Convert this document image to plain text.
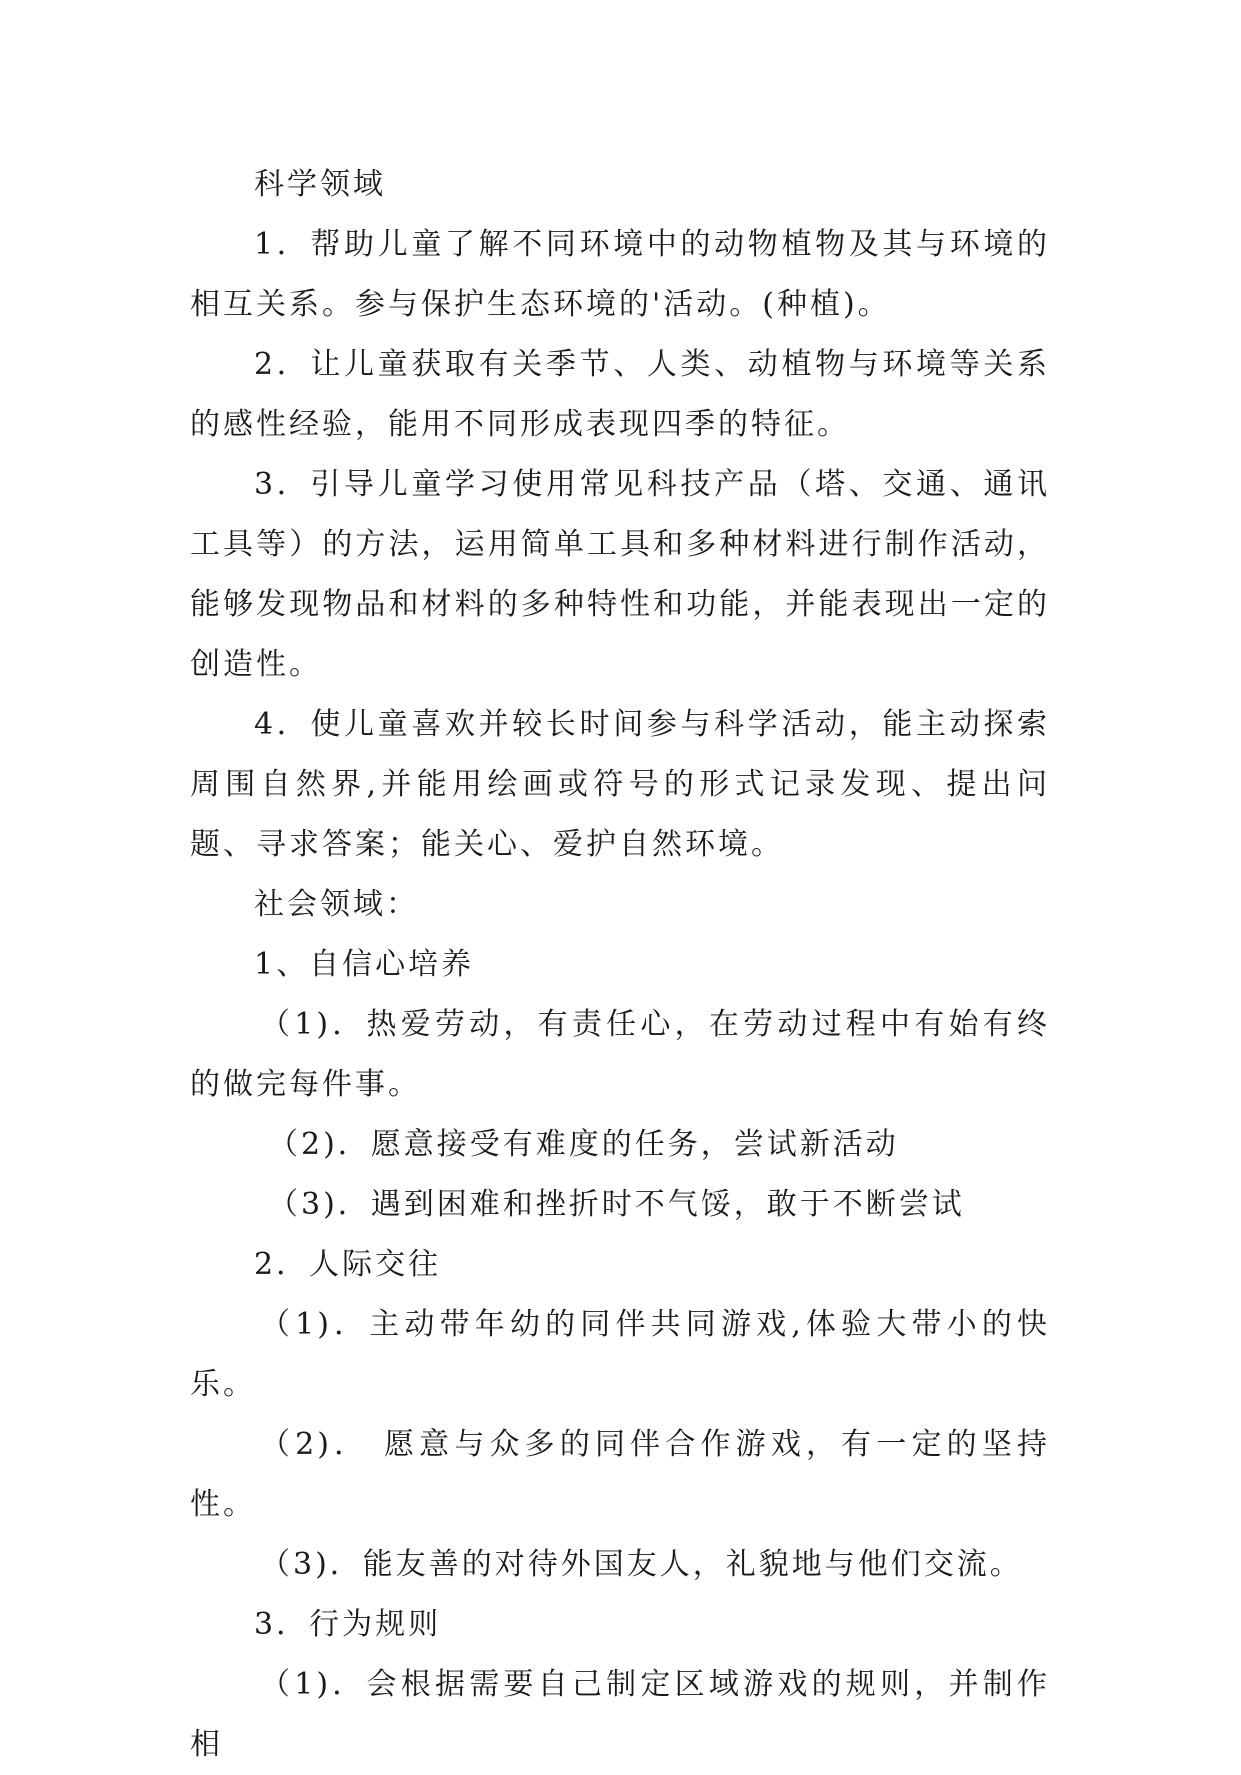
科学领域

1．帮助儿童了解不同环境中的动物植物及其与环境的相互关系。参与保护生态环境的'活动。(种植)。

2．让儿童获取有关季节、人类、动植物与环境等关系的感性经验，能用不同形成表现四季的特征。

3．引导儿童学习使用常见科技产品（塔、交通、通讯工具等）的方法，运用简单工具和多种材料进行制作活动，能够发现物品和材料的多种特性和功能，并能表现出一定的创造性。

4．使儿童喜欢并较长时间参与科学活动，能主动探索周围自然界,并能用绘画或符号的形式记录发现、提出问题、寻求答案；能关心、爱护自然环境。

社会领域：

1、自信心培养

（1)．热爱劳动，有责任心，在劳动过程中有始有终的做完每件事。

（2)．愿意接受有难度的任务，尝试新活动

（3)．遇到困难和挫折时不气馁，敢于不断尝试

2．人际交往

（1)．主动带年幼的同伴共同游戏,体验大带小的快乐。

（2)． 愿意与众多的同伴合作游戏，有一定的坚持性。

（3)．能友善的对待外国友人，礼貌地与他们交流。

3．行为规则

（1)．会根据需要自己制定区域游戏的规则，并制作相
